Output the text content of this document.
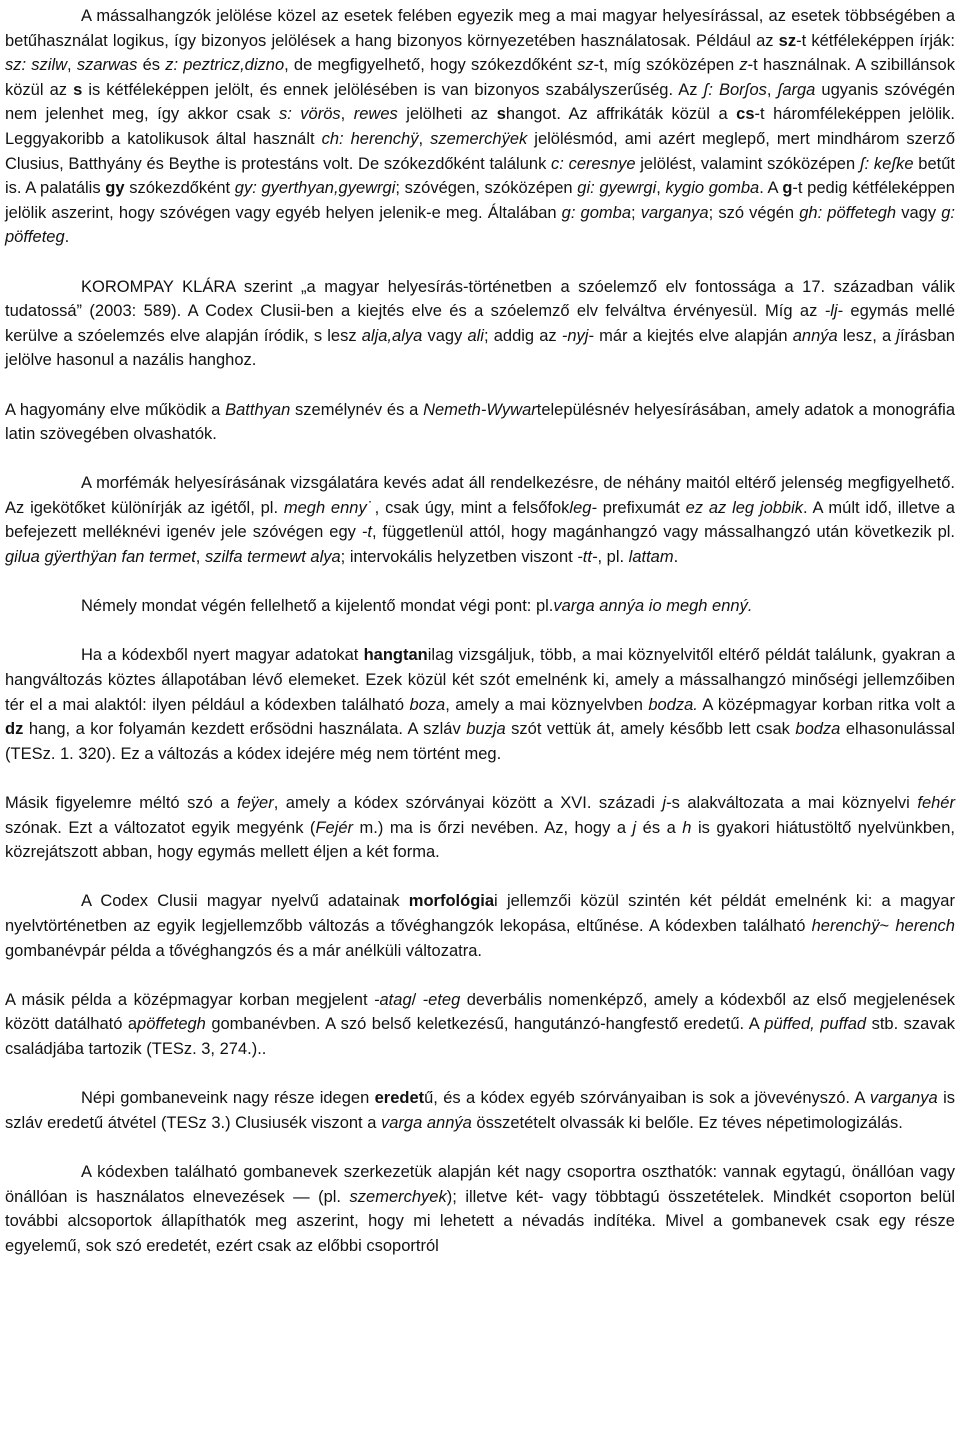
A mássalhangzók jelölése közel az esetek felében egyezik meg a mai magyar helyesírással, az esetek többségében a betűhasználat logikus, így bizonyos jelölések a hang bizonyos környezetében használatosak. Például az sz-t kétféleképpen írják: sz: szilw, szarwas és z: peztricz,dizno, de megfigyelhető, hogy szókezdőként sz-t, míg szóközépen z-t használnak. A szibillánsok közül az s is kétféleképpen jelölt, és ennek jelölésében is van bizonyos szabályszerűség. Az ʃ: Borʃos, ʃarga ugyanis szóvégén nem jelenhet meg, így akkor csak s: vörös, rewes jelölheti az shangot. Az affrikáták közül a cs-t háromféleképpen jelölik. Leggyakoribb a katolikusok által használt ch: herenchÿ, szemerchÿek jelölésmód, ami azért meglepő, mert mindhárom szerző Clusius, Batthyány és Beythe is protestáns volt. De szókezdőként találunk c: ceresnye jelölést, valamint szóközépen ʃ: keʃke betűt is. A palatális gy szókezdőként gy: gyerthyan,gyewrgi; szóvégen, szóközépen gi: gyewrgi, kygio gomba. A g-t pedig kétféleképpen jelölik aszerint, hogy szóvégen vagy egyéb helyen jelenik-e meg. Általában g: gomba; varganya; szó végén gh: pöffetegh vagy g: pöffeteg.

KOROMPAY KLÁRA szerint „a magyar helyesírás-történetben a szóelemző elv fontossága a 17. században válik tudatossá” (2003: 589). A Codex Clusii-ben a kiejtés elve és a szóelemző elv felváltva érvényesül. Míg az -lj- egymás mellé kerülve a szóelemzés elve alapján íródik, s lesz alja,alya vagy ali; addig az -nyj- már a kiejtés elve alapján annýa lesz, a jírásban jelölve hasonul a nazális hanghoz.

A hagyomány elve működik a Batthyan személynév és a Nemeth-Wywartelepülésnév helyesírásában, amely adatok a monográfia latin szövegében olvashatók.

A morfémák helyesírásának vizsgálatára kevés adat áll rendelkezésre, de néhány maitól eltérő jelenség megfigyelhető. Az igekötőket különírják az igétől, pl. megh enny˙, csak úgy, mint a felsőfokleg- prefixumát ez az leg jobbik. A múlt idő, illetve a befejezett melléknévi igenév jele szóvégen egy -t, függetlenül attól, hogy magánhangzó vagy mássalhangzó után következik pl. gilua gÿerthÿan fan termet, szilfa termewt alya; intervokális helyzetben viszont -tt-, pl. lattam.

Némely mondat végén fellelhető a kijelentő mondat végi pont: pl.varga annýa io megh enný.

Ha a kódexből nyert magyar adatokat hangtanilag vizsgáljuk, több, a mai köznyelvitől eltérő példát találunk, gyakran a hangváltozás köztes állapotában lévő elemeket. Ezek közül két szót emelnénk ki, amely a mássalhangzó minőségi jellemzőiben tér el a mai alaktól: ilyen például a kódexben található boza, amely a mai köznyelvben bodza. A középmagyar korban ritka volt a dz hang, a kor folyamán kezdett erősödni használata. A szláv buzja szót vettük át, amely később lett csak bodza elhasonulással (TESz. 1. 320). Ez a változás a kódex idejére még nem történt meg.

Másik figyelemre méltó szó a feÿer, amely a kódex szórványai között a XVI. századi j-s alakváltozata a mai köznyelvi fehér szónak. Ezt a változatot egyik megyénk (Fejér m.) ma is őrzi nevében. Az, hogy a j és a h is gyakori hiátustöltő nyelvünkben, közrejátszott abban, hogy egymás mellett éljen a két forma.

A Codex Clusii magyar nyelvű adatainak morfológiai jellemzői közül szintén két példát emelnénk ki: a magyar nyelvtörténetben az egyik legjellemzőbb változás a tővéghangzók lekopása, eltűnése. A kódexben található herenchÿ~ herench gombanévpár példa a tővéghangzós és a már anélküli változatra.

A másik példa a középmagyar korban megjelent -atag/ -eteg deverbális nomenképző, amely a kódexből az első megjelenések között datálható apöffetegh gombanévben. A szó belső keletkezésű, hangutánzó-hangfestő eredetű. A püffed, puffad stb. szavak családjába tartozik (TESz. 3, 274.)..

Népi gombaneveink nagy része idegen eredetű, és a kódex egyéb szórványaiban is sok a jövevényszó. A varganya is szláv eredetű átvétel (TESz 3.) Clusiusék viszont a varga annýa összetételt olvassák ki belőle. Ez téves népetimologizálás.

A kódexben található gombanevek szerkezetük alapján két nagy csoportra oszthatók: vannak egytagú, önállóan vagy önállóan is használatos elnevezések — (pl. szemerchyek); illetve két- vagy többtagú összetételek. Mindkét csoporton belül további alcsoportok állapíthatók meg aszerint, hogy mi lehetett a névadás indítéka. Mivel a gombanevek csak egy része egyelemű, sok szó eredetét, ezért csak az előbbi csoportról
